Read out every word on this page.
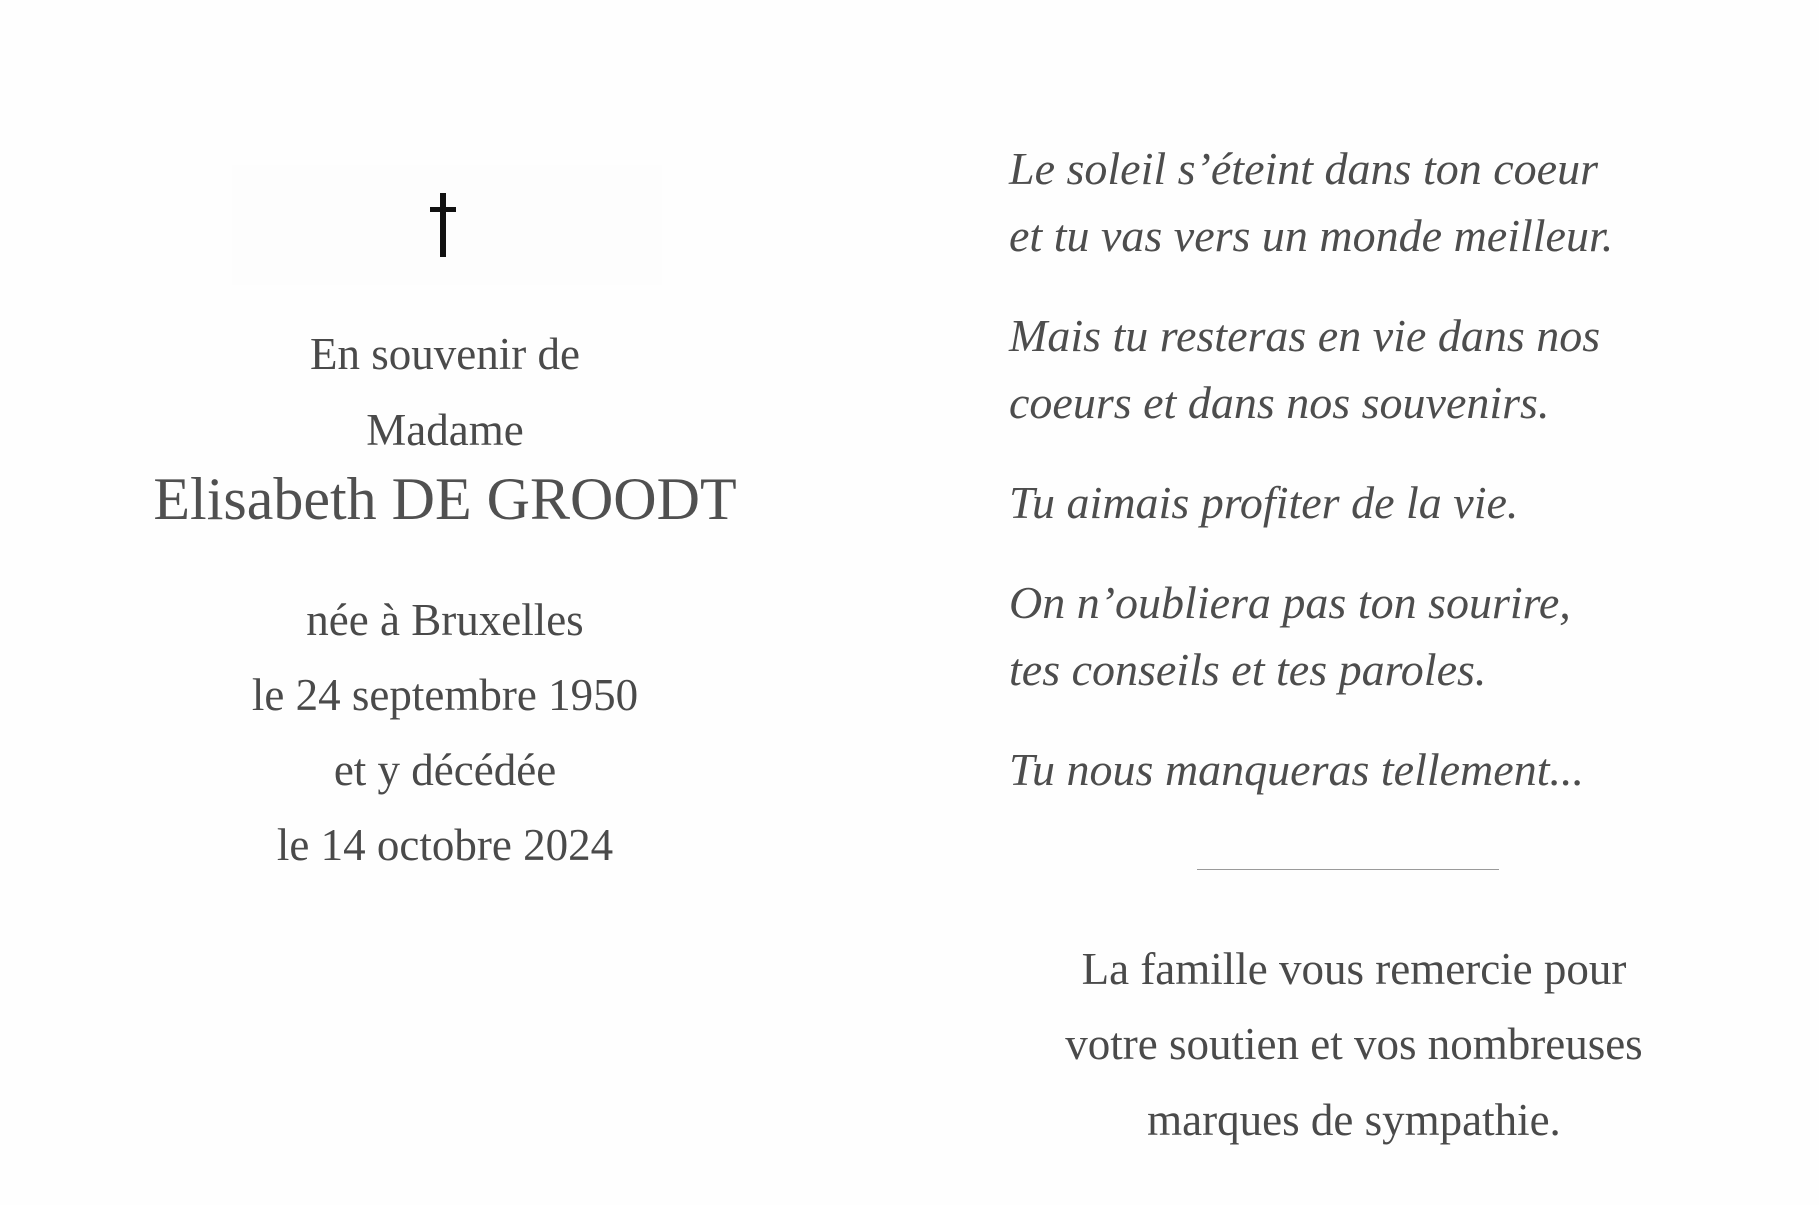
En souvenir de
Madame
Elisabeth DE GROODT
née à Bruxelles
le 24 septembre 1950
et y décédée
le 14 octobre 2024
Le soleil s’éteint dans ton coeur
et tu vas vers un monde meilleur.
Mais tu resteras en vie dans nos
coeurs et dans nos souvenirs.
Tu aimais profiter de la vie.
On n’oubliera pas ton sourire,
tes conseils et tes paroles.
Tu nous manqueras tellement...
La famille vous remercie pour
votre soutien et vos nombreuses
marques de sympathie.
